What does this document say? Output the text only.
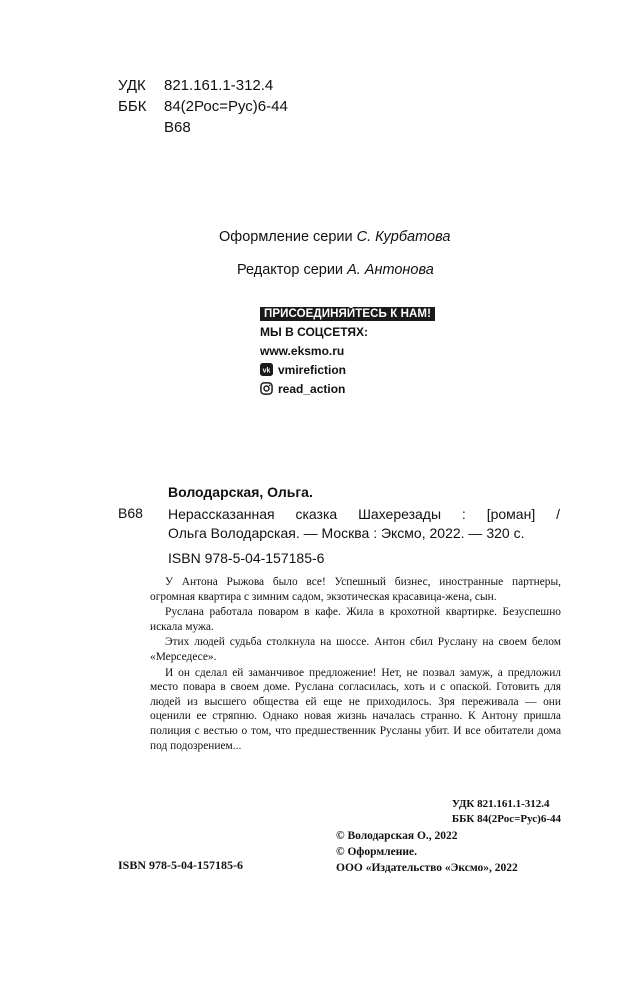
УДК 821.161.1-312.4
ББК 84(2Рос=Рус)6-44
В68
Оформление серии С. Курбатова
Редактор серии А. Антонова
ПРИСОЕДИНЯЙТЕСЬ К НАМ!
МЫ В СОЦСЕТЯХ:
www.eksmo.ru
vk vmirefiction
read_action
Володарская, Ольга.
В68 Нерассказанная сказка Шахерезады : [роман] /
Ольга Володарская. — Москва : Эксмо, 2022. — 320 с.
ISBN 978-5-04-157185-6

У Антона Рыжова было все! Успешный бизнес, иностранные партнеры, огромная квартира с зимним садом, экзотическая красавица-жена, сын.

Руслана работала поваром в кафе. Жила в крохотной квартирке. Безуспешно искала мужа.

Этих людей судьба столкнула на шоссе. Антон сбил Руслану на своем белом «Мерседесе».

И он сделал ей заманчивое предложение! Нет, не позвал замуж, а предложил место повара в своем доме. Руслана согласилась, хоть и с опаской. Готовить для людей из высшего общества ей еще не приходилось. Зря переживала — они оценили ее стряпню. Однако новая жизнь началась странно. К Антону пришла полиция с вестью о том, что предшественник Русланы убит. И все обитатели дома под подозрением...

УДК 821.161.1-312.4
ББК 84(2Рос=Рус)6-44
ISBN 978-5-04-157185-6
© Володарская О., 2022
© Оформление.
ООО «Издательство «Эксмо», 2022
